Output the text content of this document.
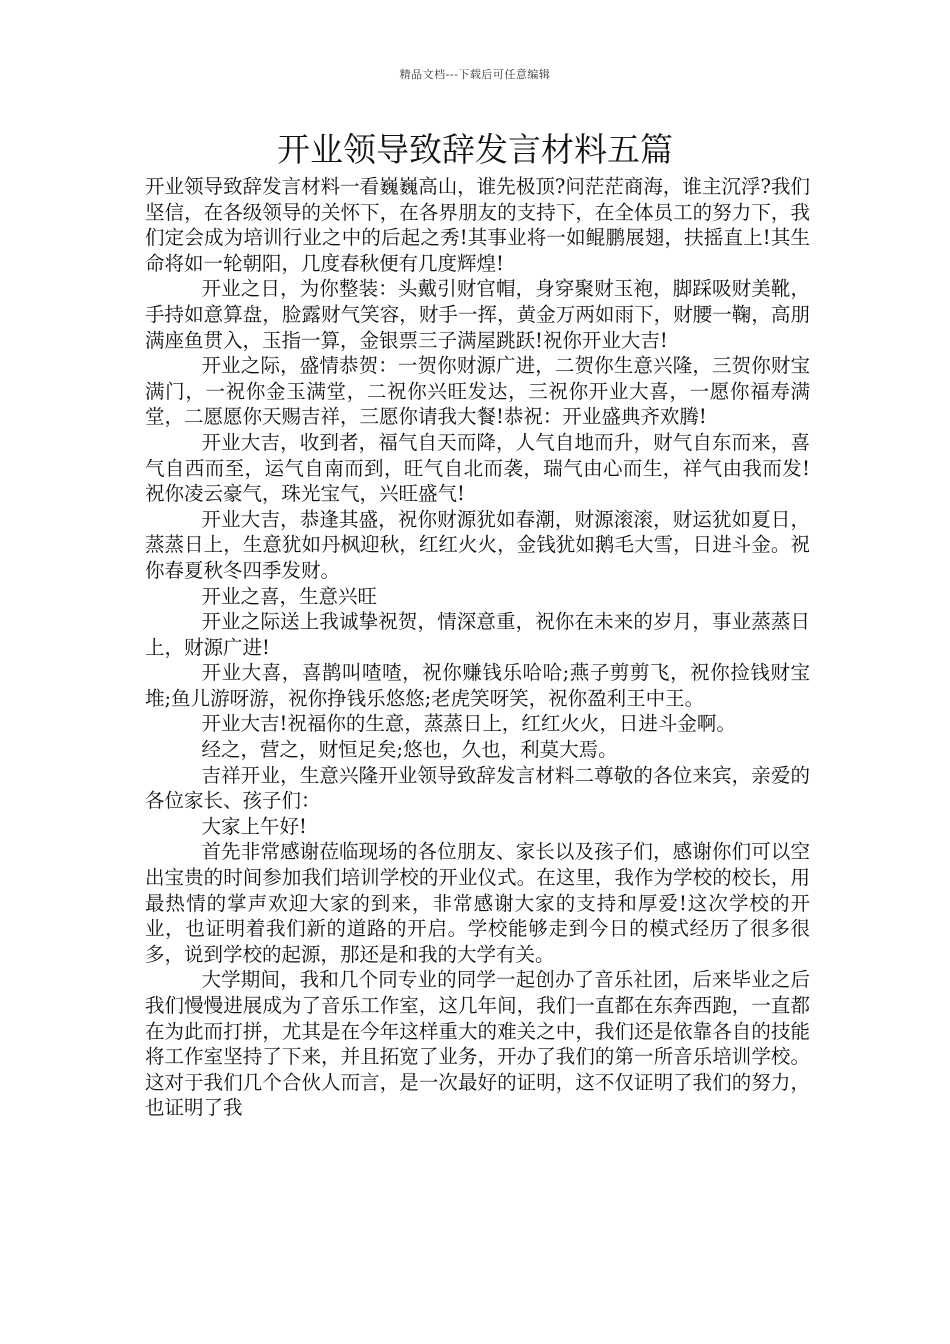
精品文档---下载后可任意编辑
开业领导致辞发言材料五篇

开业领导致辞发言材料一看巍巍高山，谁先极顶?问茫茫商海，谁主沉浮?我们坚信，在各级领导的关怀下，在各界朋友的支持下，在全体员工的努力下，我们定会成为培训行业之中的后起之秀!其事业将一如鲲鹏展翅，扶摇直上!其生命将如一轮朝阳，几度春秋便有几度辉煌!

开业之日，为你整装：头戴引财官帽，身穿聚财玉袍，脚踩吸财美靴，手持如意算盘，脸露财气笑容，财手一挥，黄金万两如雨下，财腰一鞠，高朋满座鱼贯入，玉指一算，金银票三子满屋跳跃!祝你开业大吉!

开业之际，盛情恭贺：一贺你财源广进，二贺你生意兴隆，三贺你财宝满门，一祝你金玉满堂，二祝你兴旺发达，三祝你开业大喜，一愿你福寿满堂，二愿愿你天赐吉祥，三愿你请我大餐!恭祝：开业盛典齐欢腾!

开业大吉，收到者，福气自天而降，人气自地而升，财气自东而来，喜气自西而至，运气自南而到，旺气自北而袭，瑞气由心而生，祥气由我而发!祝你凌云豪气，珠光宝气，兴旺盛气!

开业大吉，恭逢其盛，祝你财源犹如春潮，财源滚滚，财运犹如夏日，蒸蒸日上，生意犹如丹枫迎秋，红红火火，金钱犹如鹅毛大雪，日进斗金。祝你春夏秋冬四季发财。

开业之喜，生意兴旺

开业之际送上我诚挚祝贺，情深意重，祝你在未来的岁月，事业蒸蒸日上，财源广进!

开业大喜，喜鹊叫喳喳，祝你赚钱乐哈哈;燕子剪剪飞，祝你捡钱财宝堆;鱼儿游呀游，祝你挣钱乐悠悠;老虎笑呀笑，祝你盈利王中王。

开业大吉!祝福你的生意，蒸蒸日上，红红火火，日进斗金啊。

经之，营之，财恒足矣;悠也，久也，利莫大焉。

吉祥开业，生意兴隆开业领导致辞发言材料二尊敬的各位来宾，亲爱的各位家长、孩子们：

大家上午好!

首先非常感谢莅临现场的各位朋友、家长以及孩子们，感谢你们可以空出宝贵的时间参加我们培训学校的开业仪式。在这里，我作为学校的校长，用最热情的掌声欢迎大家的到来，非常感谢大家的支持和厚爱!这次学校的开业，也证明着我们新的道路的开启。学校能够走到今日的模式经历了很多很多，说到学校的起源，那还是和我的大学有关。

大学期间，我和几个同专业的同学一起创办了音乐社团，后来毕业之后我们慢慢进展成为了音乐工作室，这几年间，我们一直都在东奔西跑，一直都在为此而打拼，尤其是在今年这样重大的难关之中，我们还是依靠各自的技能将工作室坚持了下来，并且拓宽了业务，开办了我们的第一所音乐培训学校。这对于我们几个合伙人而言，是一次最好的证明，这不仅证明了我们的努力，也证明了我
